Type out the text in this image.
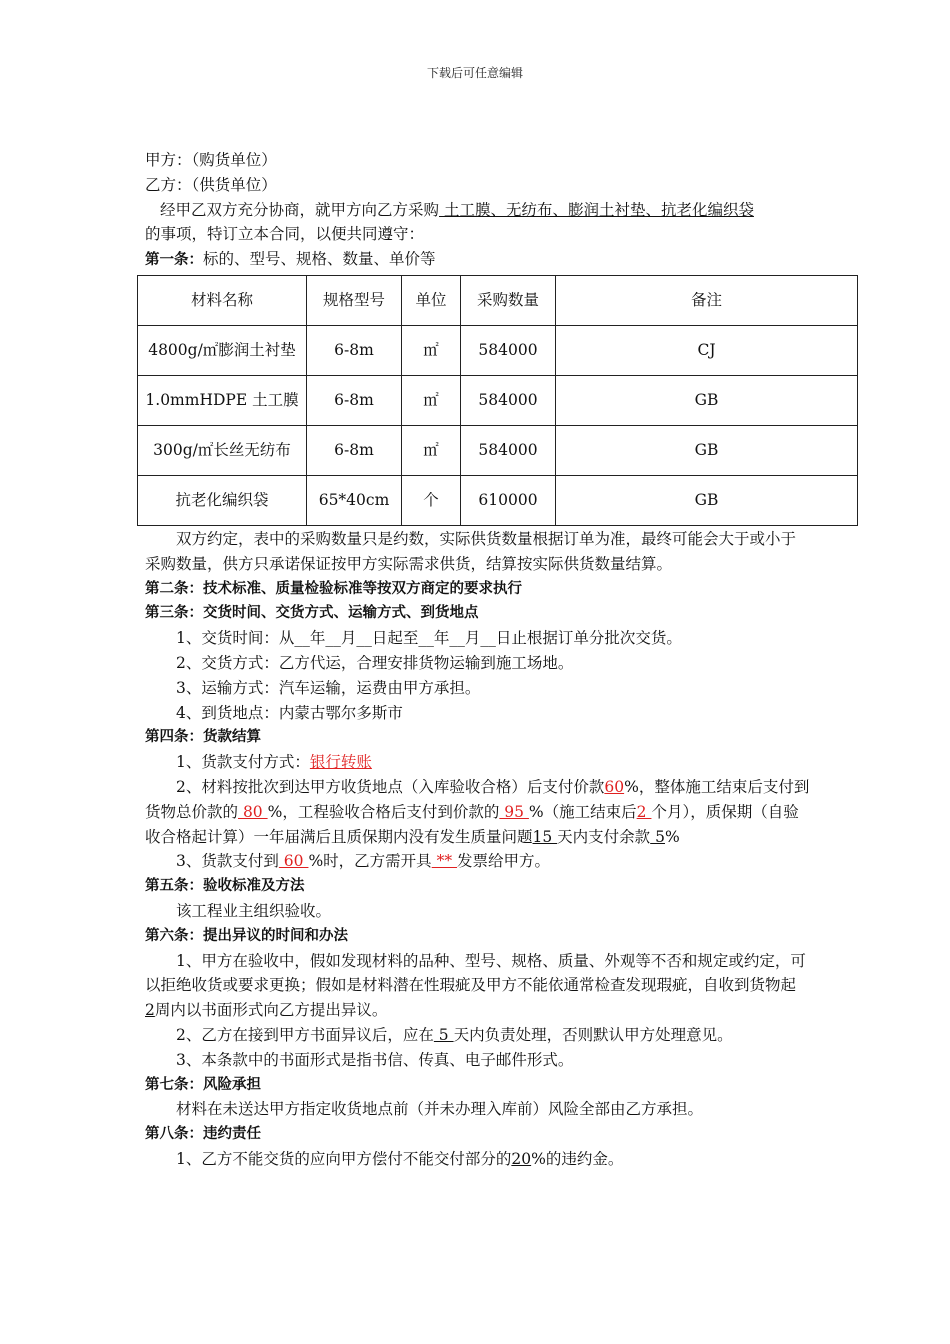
下载后可任意编辑

甲方：（购货单位）

乙方：（供货单位）

经甲乙双方充分协商，就甲方向乙方采购 土工膜、无纺布、膨润土衬垫、抗老化编织袋
的事项，特订立本合同，以便共同遵守：

第一条：标的、型号、规格、数量、单价等

材料名称	规格型号	单位	采购数量	备注
4800g/㎡膨润土衬垫	6-8m	㎡	584000	CJ
1.0mmHDPE 土工膜	6-8m	㎡	584000	GB
300g/㎡长丝无纺布	6-8m	㎡	584000	GB
抗老化编织袋	65*40cm	个	610000	GB

双方约定，表中的采购数量只是约数，实际供货数量根据订单为准，最终可能会大于或小于采购数量，供方只承诺保证按甲方实际需求供货，结算按实际供货数量结算。

第二条：技术标准、质量检验标准等按双方商定的要求执行

第三条：交货时间、交货方式、运输方式、到货地点

1、交货时间：从__年__月__日起至__年__月__日止根据订单分批次交货。

2、交货方式：乙方代运，合理安排货物运输到施工场地。

3、运输方式：汽车运输，运费由甲方承担。

4、到货地点：内蒙古鄂尔多斯市

第四条：货款结算

1、货款支付方式：银行转账

2、材料按批次到达甲方收货地点（入库验收合格）后支付价款60%，整体施工结束后支付到货物总价款的 80 %，工程验收合格后支付到价款的 95 %（施工结束后2 个月），质保期（自验收合格起计算）一年届满后且质保期内没有发生质量问题15 天内支付余款 5%

3、货款支付到 60 %时，乙方需开具 ** 发票给甲方。

第五条：验收标准及方法

该工程业主组织验收。

第六条：提出异议的时间和办法

1、甲方在验收中，假如发现材料的品种、型号、规格、质量、外观等不否和规定或约定，可以拒绝收货或要求更换；假如是材料潜在性瑕疵及甲方不能依通常检查发现瑕疵，自收到货物起 2周内以书面形式向乙方提出异议。

2、乙方在接到甲方书面异议后，应在 5 天内负责处理，否则默认甲方处理意见。

3、本条款中的书面形式是指书信、传真、电子邮件形式。

第七条：风险承担

材料在未送达甲方指定收货地点前（并未办理入库前）风险全部由乙方承担。

第八条：违约责任

1、乙方不能交货的应向甲方偿付不能交付部分的20%的违约金。
